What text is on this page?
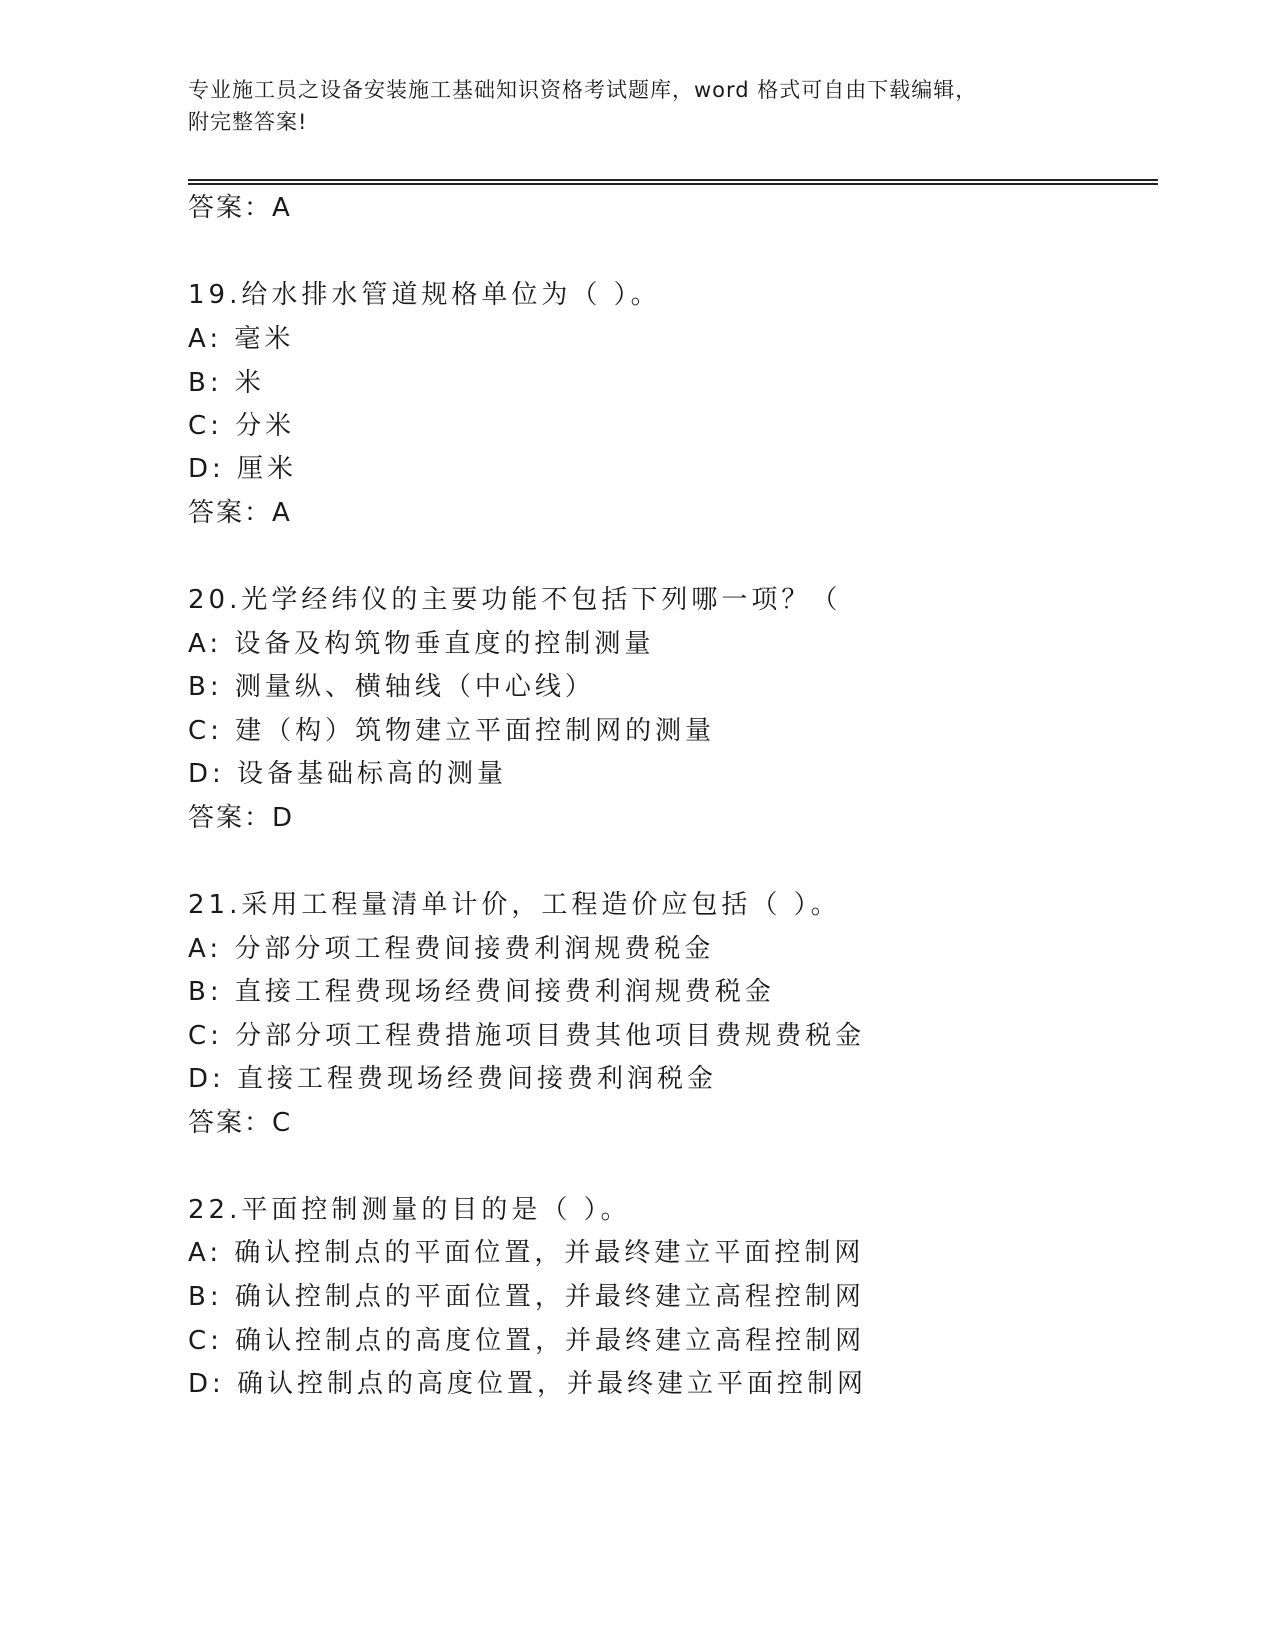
专业施工员之设备安装施工基础知识资格考试题库，word 格式可自由下载编辑，
附完整答案!
答案：A
19.给水排水管道规格单位为（ ）。
A: 毫米
B: 米
C: 分米
D: 厘米
答案：A
20.光学经纬仪的主要功能不包括下列哪一项？（
A: 设备及构筑物垂直度的控制测量
B: 测量纵、横轴线（中心线）
C: 建（构）筑物建立平面控制网的测量
D: 设备基础标高的测量
答案：D
21.采用工程量清单计价，工程造价应包括（ ）。
A: 分部分项工程费间接费利润规费税金
B: 直接工程费现场经费间接费利润规费税金
C: 分部分项工程费措施项目费其他项目费规费税金
D: 直接工程费现场经费间接费利润税金
答案：C
22.平面控制测量的目的是（ ）。
A: 确认控制点的平面位置，并最终建立平面控制网
B: 确认控制点的平面位置，并最终建立高程控制网
C: 确认控制点的高度位置，并最终建立高程控制网
D: 确认控制点的高度位置，并最终建立平面控制网
